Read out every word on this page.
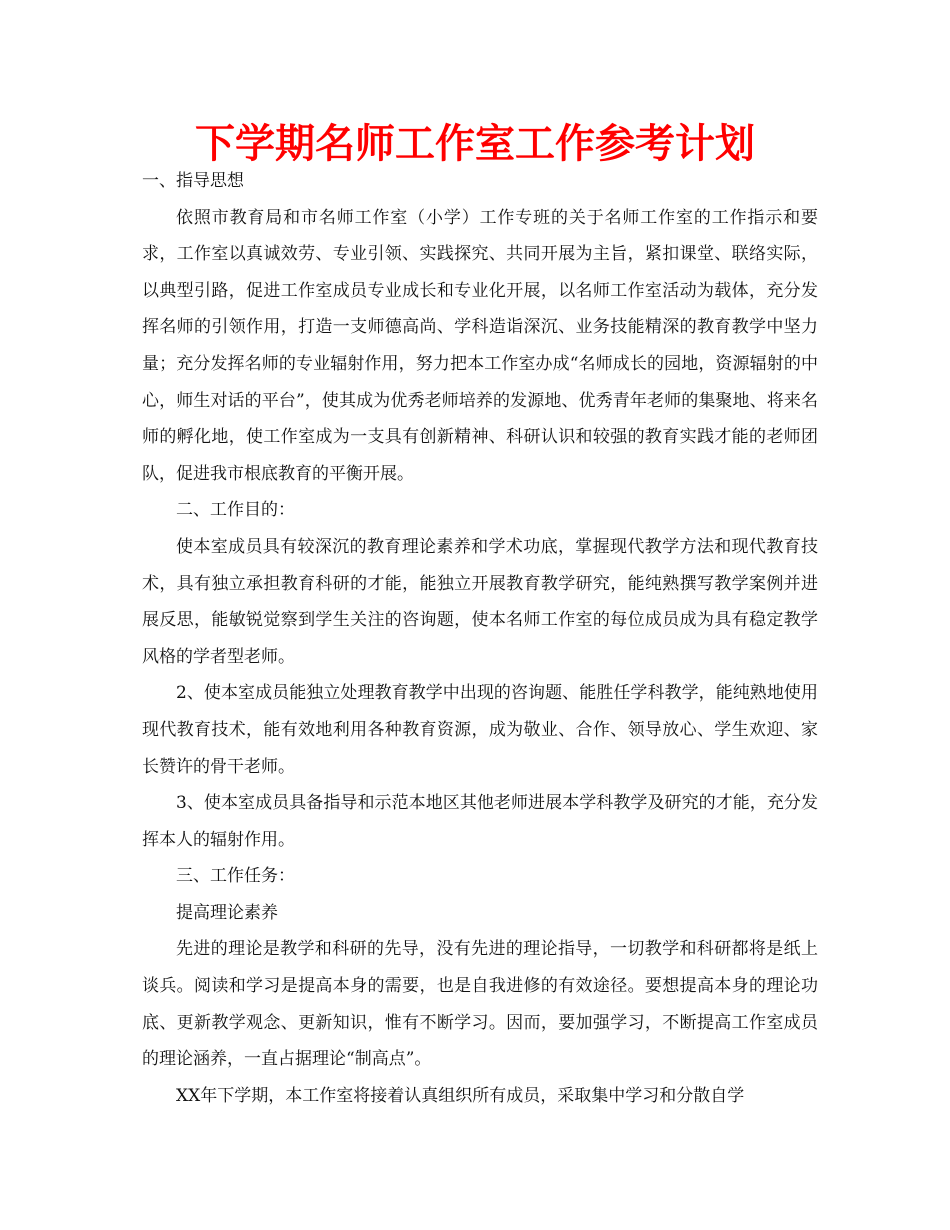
下学期名师工作室工作参考计划

一、指导思想

依照市教育局和市名师工作室（小学）工作专班的关于名师工作室的工作指示和要求，工作室以真诚效劳、专业引领、实践探究、共同开展为主旨，紧扣课堂、联络实际，以典型引路，促进工作室成员专业成长和专业化开展，以名师工作室活动为载体，充分发挥名师的引领作用，打造一支师德高尚、学科造诣深沉、业务技能精深的教育教学中坚力量；充分发挥名师的专业辐射作用，努力把本工作室办成“名师成长的园地，资源辐射的中心，师生对话的平台”，使其成为优秀老师培养的发源地、优秀青年老师的集聚地、将来名师的孵化地，使工作室成为一支具有创新精神、科研认识和较强的教育实践才能的老师团队，促进我市根底教育的平衡开展。

二、工作目的：

使本室成员具有较深沉的教育理论素养和学术功底，掌握现代教学方法和现代教育技术，具有独立承担教育科研的才能，能独立开展教育教学研究，能纯熟撰写教学案例并进展反思，能敏锐觉察到学生关注的咨询题，使本名师工作室的每位成员成为具有稳定教学风格的学者型老师。

2、使本室成员能独立处理教育教学中出现的咨询题、能胜任学科教学，能纯熟地使用现代教育技术，能有效地利用各种教育资源，成为敬业、合作、领导放心、学生欢迎、家长赞许的骨干老师。

3、使本室成员具备指导和示范本地区其他老师进展本学科教学及研究的才能，充分发挥本人的辐射作用。

三、工作任务：

提高理论素养

先进的理论是教学和科研的先导，没有先进的理论指导，一切教学和科研都将是纸上谈兵。阅读和学习是提高本身的需要，也是自我进修的有效途径。要想提高本身的理论功底、更新教学观念、更新知识，惟有不断学习。因而，要加强学习，不断提高工作室成员的理论涵养，一直占据理论“制高点”。

XX年下学期，本工作室将接着认真组织所有成员，采取集中学习和分散自学
